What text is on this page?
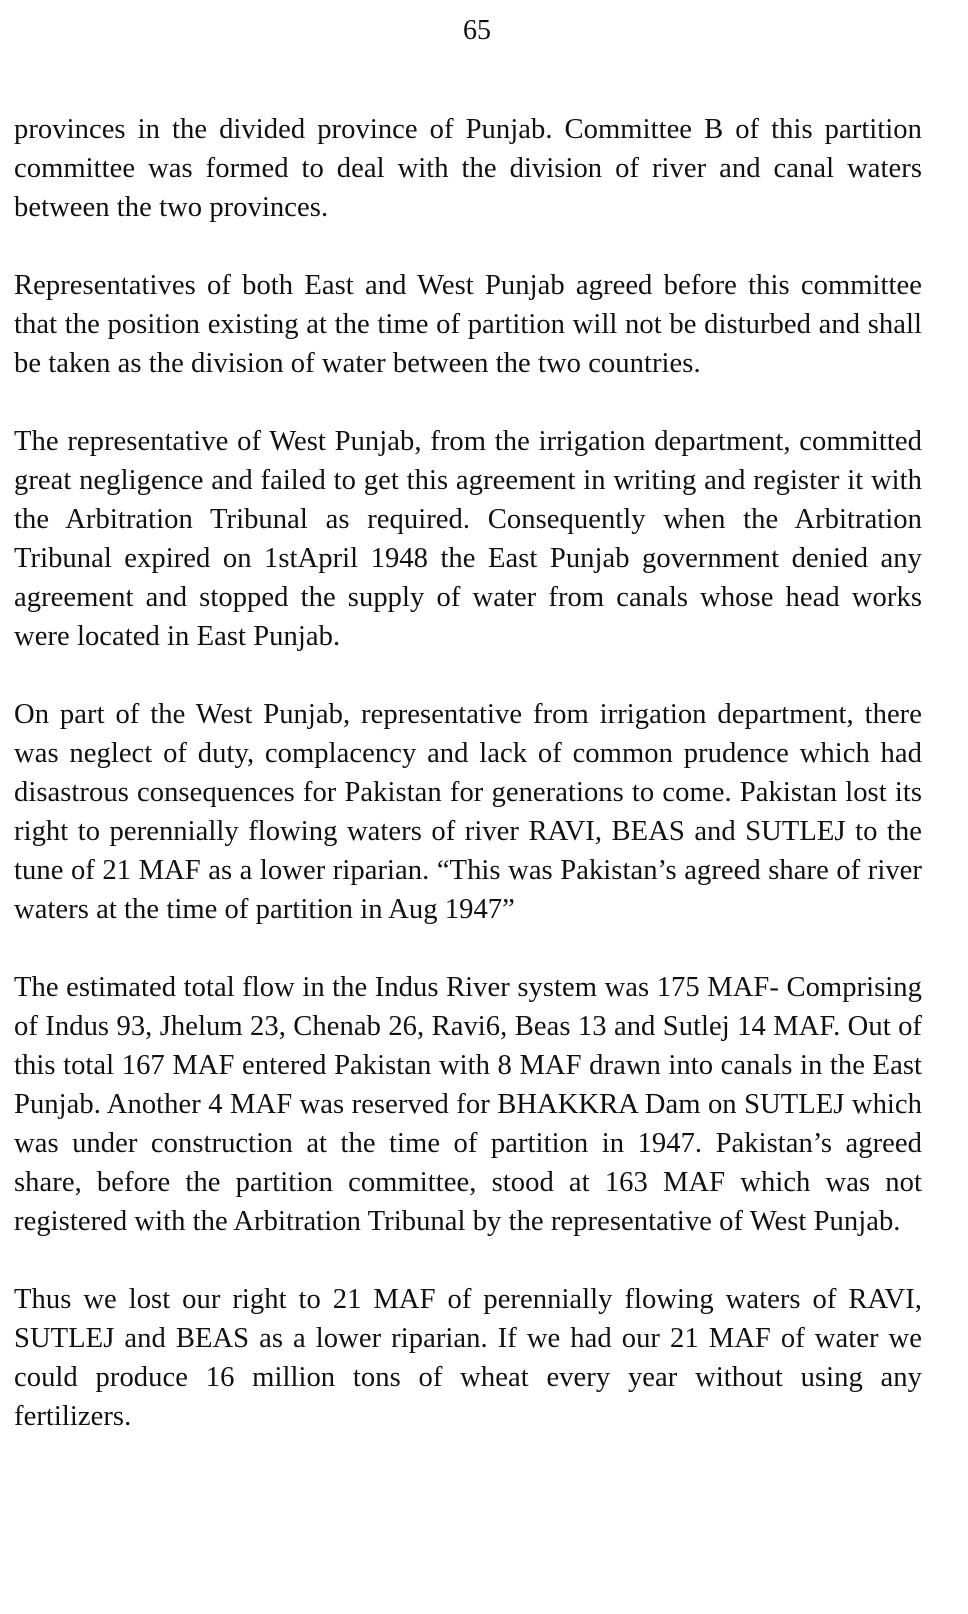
65

provinces in the divided province of Punjab. Committee B of this partition committee was formed to deal with the division of river and canal waters between the two provinces.

Representatives of both East and West Punjab agreed before this committee that the position existing at the time of partition will not be disturbed and shall be taken as the division of water between the two countries.

The representative of West Punjab, from the irrigation department, committed great negligence and failed to get this agreement in writing and register it with the Arbitration Tribunal as required. Consequently when the Arbitration Tribunal expired on 1stApril 1948 the East Punjab government denied any agreement and stopped the supply of water from canals whose head works were located in East Punjab.

On part of the West Punjab, representative from irrigation department, there was neglect of duty, complacency and lack of common prudence which had disastrous consequences for Pakistan for generations to come. Pakistan lost its right to perennially flowing waters of river RAVI, BEAS and SUTLEJ to the tune of 21 MAF as a lower riparian. “This was Pakistan’s agreed share of river waters at the time of partition in Aug 1947”

The estimated total flow in the Indus River system was 175 MAF- Comprising of Indus 93, Jhelum 23, Chenab 26, Ravi6, Beas 13 and Sutlej 14 MAF. Out of this total 167 MAF entered Pakistan with 8 MAF drawn into canals in the East Punjab. Another 4 MAF was reserved for BHAKKRA Dam on SUTLEJ which was under construction at the time of partition in 1947. Pakistan’s agreed share, before the partition committee, stood at 163 MAF which was not registered with the Arbitration Tribunal by the representative of West Punjab.

Thus we lost our right to 21 MAF of perennially flowing waters of RAVI, SUTLEJ and BEAS as a lower riparian. If we had our 21 MAF of water we could produce 16 million tons of wheat every year without using any fertilizers.
